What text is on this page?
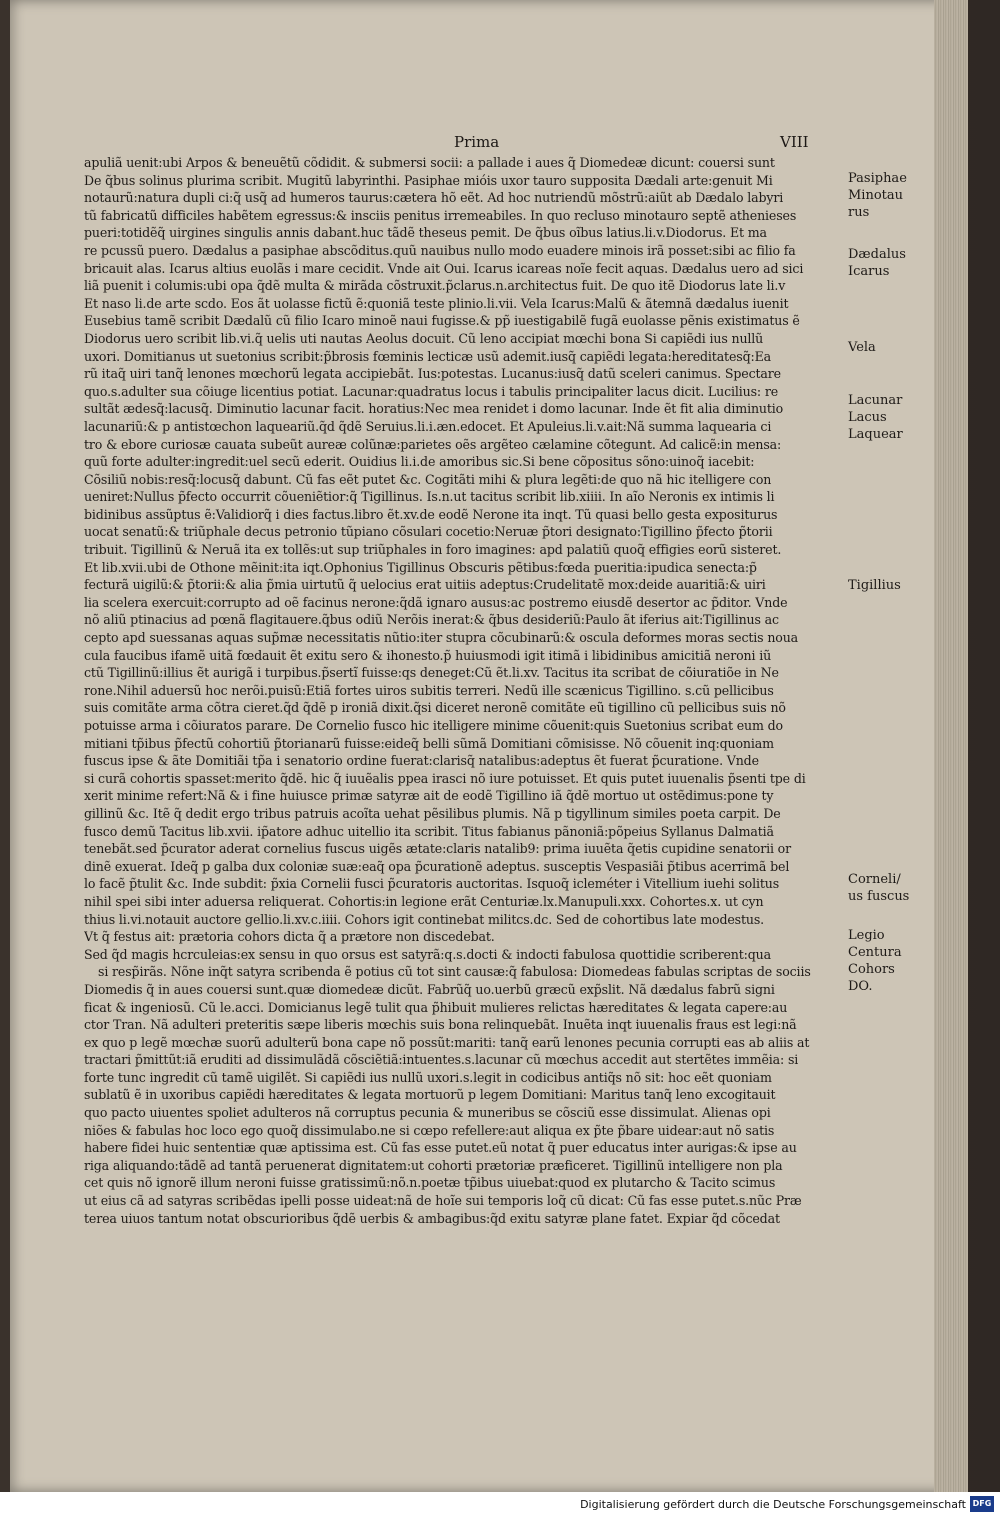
Prima	VIII
apuliã uenit:ubi Arpos & beneuẽtũ cõdidit. & submersi socii: a pallade i aues q̃ Diomedeæ dicunt: couersi sunt
De q̃bus solinus plurima scribit. Mugitũ labyrinthi. Pasiphae mióis uxor tauro supposita Dædali arte:genuit Mi
notaurũ:natura dupli ci:q̃ usq̃ ad humeros taurus:cætera hõ eẽt. Ad hoc nutriendũ mõstrũ:aiũt ab Dædalo labyri
tũ fabricatũ difficiles habẽtem egressus:& insciis penitus irremeabiles. In quo recluso minotauro septẽ athenieses
pueri:totidẽq̃ uirgines singulis annis dabant.huc tãdẽ theseus pemit. De q̃bus oĩbus latius.li.v.Diodorus. Et ma
re pcussũ puero. Dædalus a pasiphae abscõditus.quũ nauibus nullo modo euadere minois irã posset:sibi ac filio fa
bricauit alas. Icarus altius euolãs i mare cecidit. Vnde ait Oui. Icarus icareas noĩe fecit aquas. Dædalus uero ad sici
liã puenit i columis:ubi opa q̃dẽ multa & mirãda cõstruxit.p̃clarus.n.architectus fuit. De quo itẽ Diodorus late li.v
Et naso li.de arte scdo. Eos ãt uolasse fictũ ẽ:quoniã teste plinio.li.vii. Vela Icarus:Malũ & ãtemnã dædalus iuenit
Eusebius tamẽ scribit Dædalũ cũ filio Icaro minoẽ naui fugisse.& pp̃ iuestigabilẽ fugã euolasse pẽnis existimatus ẽ
Diodorus uero scribit lib.vi.q̃ uelis uti nautas Aeolus docuit. Cũ leno accipiat mœchi bona Si capiẽdi ius nullũ
uxori. Domitianus ut suetonius scribit:p̃brosis fœminis lecticæ usũ ademit.iusq̃ capiẽdi legata:hereditatesq̃:Ea
rũ itaq̃ uiri tanq̃ lenones mœchorũ legata accipiebãt. Ius:potestas. Lucanus:iusq̃ datũ sceleri canimus. Spectare
quo.s.adulter sua cõiuge licentius potiat. Lacunar:quadratus locus i tabulis principaliter lacus dicit. Lucilius: re
sultãt ædesq̃:lacusq̃. Diminutio lacunar facit. horatius:Nec mea renidet i domo lacunar. Inde ẽt fit alia diminutio
lacunariũ:& p antistœchon laqueariũ.q̃d q̃dẽ Seruius.li.i.æn.edocet. Et Apuleius.li.v.ait:Nã summa laquearia ci
tro & ebore curiosæ cauata subeũt aureæ colũnæ:parietes oẽs argẽteo cælamine cõtegunt. Ad calicẽ:in mensa:
quũ forte adulter:ingredit:uel secũ ederit. Ouidius li.i.de amoribus sic.Si bene cõpositus sõno:uinoq̃ iacebit:
Cõsiliũ nobis:resq̃:locusq̃ dabunt. Cũ fas eẽt putet &c. Cogitãti mihi & plura legẽti:de quo nã hic itelligere con
ueniret:Nullus p̃fecto occurrit cõueniẽtior:q̃ Tigillinus. Is.n.ut tacitus scribit lib.xiiii. In aĩo Neronis ex intimis li
bidinibus assũptus ẽ:Validiorq̃ i dies factus.libro ẽt.xv.de eodẽ Nerone ita inqt. Tũ quasi bello gesta expositurus
uocat senatũ:& triũphale decus petronio tũpiano cõsulari cocetio:Neruæ p̃tori designato:Tigillino p̃fecto p̃torii
tribuit. Tigillinũ & Neruã ita ex tollẽs:ut sup triũphales in foro imagines: apd palatiũ quoq̃ effigies eorũ sisteret.
Et lib.xvii.ubi de Othone mẽinit:ita iqt.Ophonius Tigillinus Obscuris pẽtibus:fœda pueritia:ipudica senecta:p̃
fecturã uigilũ:& p̃torii:& alia p̃mia uirtutũ q̃ uelocius erat uitiis adeptus:Crudelitatẽ mox:deide auaritiã:& uiri
lia scelera exercuit:corrupto ad oẽ facinus nerone:q̃dã ignaro ausus:ac postremo eiusdẽ desertor ac p̃ditor. Vnde
nõ aliũ ptinacius ad pœnã flagitauere.q̃bus odiũ Nerõis inerat:& q̃bus desideriũ:Paulo ãt iferius ait:Tigillinus ac
cepto apd suessanas aquas sup̃mæ necessitatis nũtio:iter stupra cõcubinarũ:& oscula deformes moras sectis noua
cula faucibus ifamẽ uitã fœdauit ẽt exitu sero & ihonesto.p̃ huiusmodi igit itimã i libidinibus amicitiã neroni iũ
ctũ Tigillinũ:illius ẽt aurigã i turpibus.p̃sertĩ fuisse:qs deneget:Cũ ẽt.li.xv. Tacitus ita scribat de cõiuratiõe in Ne
rone.Nihil aduersũ hoc nerõi.puisũ:Etiã fortes uiros subitis terreri. Nedũ ille scænicus Tigillino. s.cũ pellicibus
suis comitãte arma cõtra cieret.q̃d q̃dẽ p ironiã dixit.q̃si diceret neronẽ comitãte eũ tigillino cũ pellicibus suis nõ
potuisse arma i cõiuratos parare. De Cornelio fusco hic itelligere minime cõuenit:quis Suetonius scribat eum do
mitiani tp̃ibus p̃fectũ cohortiũ p̃torianarũ fuisse:eideq̃ belli sũmã Domitiani cõmisisse. Nõ cõuenit inq:quoniam
fuscus ipse & ãte Domitiãi tp̃a i senatorio ordine fuerat:clarisq̃ natalibus:adeptus ẽt fuerat p̃curatione. Vnde
si curã cohortis spasset:merito q̃dẽ. hic q̃ iuuẽalis ppea irasci nõ iure potuisset. Et quis putet iuuenalis p̃senti tpe di
xerit minime refert:Nã & i fine huiusce primæ satyræ ait de eodẽ Tigillino iã q̃dẽ mortuo ut ostẽdimus:pone ty
gillinũ &c. Itẽ q̃ dedit ergo tribus patruis acoĩta uehat pẽsilibus plumis. Nã p tigyllinum similes poeta carpit. De
fusco demũ Tacitus lib.xvii. ip̃atore adhuc uitellio ita scribit. Titus fabianus pãnoniã:põpeius Syllanus Dalmatiã
tenebãt.sed p̃curator aderat cornelius fuscus uigẽs ætate:claris natalib9: prima iuuẽta q̃etis cupidine senatorii or
dinẽ exuerat. Ideq̃ p galba dux coloniæ suæ:eaq̃ opa p̃curationẽ adeptus. susceptis Vespasiãi p̃tibus acerrimã bel
lo facẽ p̃tulit &c. Inde subdit: p̃xia Cornelii fusci p̃curatoris auctoritas. Isquoq̃ icleméter i Vitellium iuehi solitus
nihil spei sibi inter aduersa reliquerat. Cohortis:in legione erãt Centuriæ.lx.Manupuli.xxx. Cohortes.x. ut cyn
thius li.vi.notauit auctore gellio.li.xv.c.iiii. Cohors igit continebat militcs.dc. Sed de cohortibus late modestus.
Vt q̃ festus ait: prætoria cohors dicta q̃ a prætore non discedebat.
Sed q̃d magis hcrculeias:ex sensu in quo orsus est satyrã:q.s.docti & indocti fabulosa quottidie scriberent:qua
si resp̃irãs. Nõne inq̃t satyra scribenda ẽ potius cũ tot sint causæ:q̃ fabulosa: Diomedeas fabulas scriptas de sociis
Diomedis q̃ in aues couersi sunt.quæ diomedeæ dicũt. Fabrũq̃ uo.uerbũ græcũ exp̃slit. Nã dædalus fabrũ signi
ficat & ingeniosũ. Cũ le.acci. Domicianus legẽ tulit qua p̃hibuit mulieres relictas hæreditates & legata capere:au
ctor Tran. Nã adulteri preteritis sæpe liberis mœchis suis bona relinquebãt. Inuẽta inqt iuuenalis fraus est legi:nã
ex quo p legẽ mœchæ suorũ adulterũ bona cape nõ possũt:mariti: tanq̃ earũ lenones pecunia corrupti eas ab aliis at
tractari p̃mittũt:iã eruditi ad dissimulãdã cõsciẽtiã:intuentes.s.lacunar cũ mœchus accedit aut stertẽtes immẽia: si
forte tunc ingredit cũ tamẽ uigilẽt. Si capiẽdi ius nullũ uxori.s.legit in codicibus antiq̃s nõ sit: hoc eẽt quoniam
sublatũ ẽ in uxoribus capiẽdi hæreditates & legata mortuorũ p legem Domitiani: Maritus tanq̃ leno excogitauit
quo pacto uiuentes spoliet adulteros nã corruptus pecunia & muneribus se cõsciũ esse dissimulat. Alienas opi
niões & fabulas hoc loco ego quoq̃ dissimulabo.ne si cœpo refellere:aut aliqua ex p̃te p̃bare uidear:aut nõ satis
habere fidei huic sententiæ quæ aptissima est. Cũ fas esse putet.eũ notat q̃ puer educatus inter aurigas:& ipse au
riga aliquando:tãdẽ ad tantã peruenerat dignitatem:ut cohorti prætoriæ præficeret. Tigillinũ intelligere non pla
cet quis nõ ignorẽ illum neroni fuisse gratissimũ:nõ.n.poetæ tp̃ibus uiuebat:quod ex plutarcho & Tacito scimus
ut eius cã ad satyras scribẽdas ipelli posse uideat:nã de hoĩe sui temporis loq̃ cũ dicat: Cũ fas esse putet.s.nũc Præ
terea uiuos tantum notat obscurioribus q̃dẽ uerbis & ambagibus:q̃d exitu satyræ plane fatet. Expiar q̃d cõcedat
Pasiphae
Minotau
rus
Dædalus
Icarus
Vela
Lacunar
Lacus
Laquear
Tigillius
Corneli/
us fuscus
Legio
Centura
Cohors
DO.
Digitalisierung gefördert durch die Deutsche Forschungsgemeinschaft DFG
